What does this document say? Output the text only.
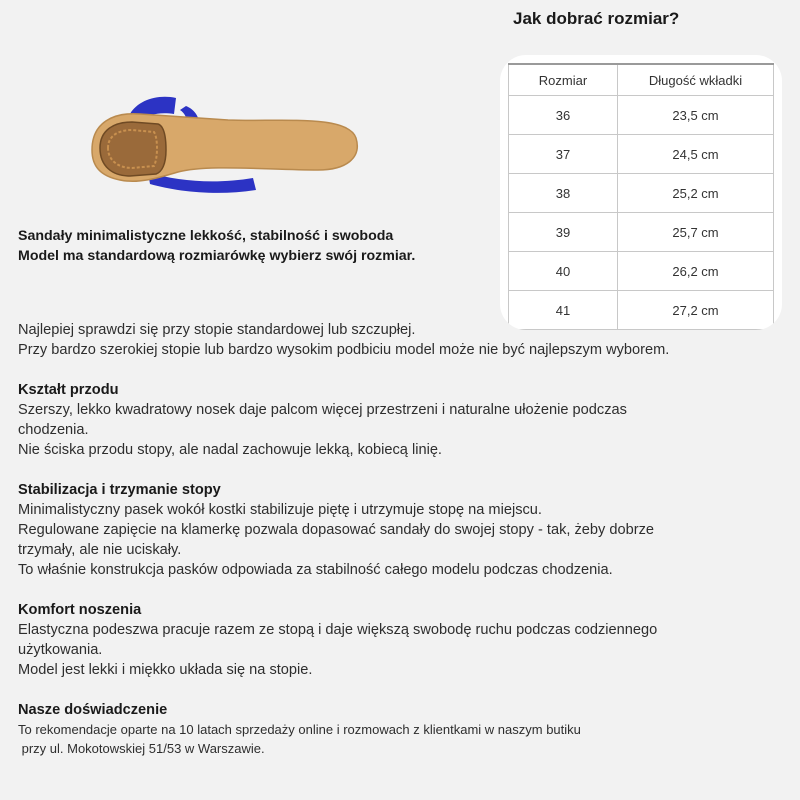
Sandały minimalistyczne lekkość, stabilność i swoboda
Model ma standardową rozmiarówkę wybierz swój rozmiar.
Jak dobrać rozmiar?
Rozmiar	Długość wkładki
36	23,5 cm
37	24,5 cm
38	25,2 cm
39	25,7 cm
40	26,2 cm
41	27,2 cm

Najlepiej sprawdzi się przy stopie standardowej lub szczupłej.

Przy bardzo szerokiej stopie lub bardzo wysokim podbiciu model może nie być najlepszym wyborem.

Kształt przodu

Szerszy, lekko kwadratowy nosek daje palcom więcej przestrzeni i naturalne ułożenie podczas

chodzenia.

Nie ściska przodu stopy, ale nadal zachowuje lekką, kobiecą linię.

Stabilizacja i trzymanie stopy

Minimalistyczny pasek wokół kostki stabilizuje piętę i utrzymuje stopę na miejscu.

Regulowane zapięcie na klamerkę pozwala dopasować sandały do swojej stopy - tak, żeby dobrze

trzymały, ale nie uciskały.

To właśnie konstrukcja pasków odpowiada za stabilność całego modelu podczas chodzenia.

Komfort noszenia

Elastyczna podeszwa pracuje razem ze stopą i daje większą swobodę ruchu podczas codziennego

użytkowania.

Model jest lekki i miękko układa się na stopie.

Nasze doświadczenie

To rekomendacje oparte na 10 latach sprzedaży online i rozmowach z klientkami w naszym butiku

przy ul. Mokotowskiej 51/53 w Warszawie.
